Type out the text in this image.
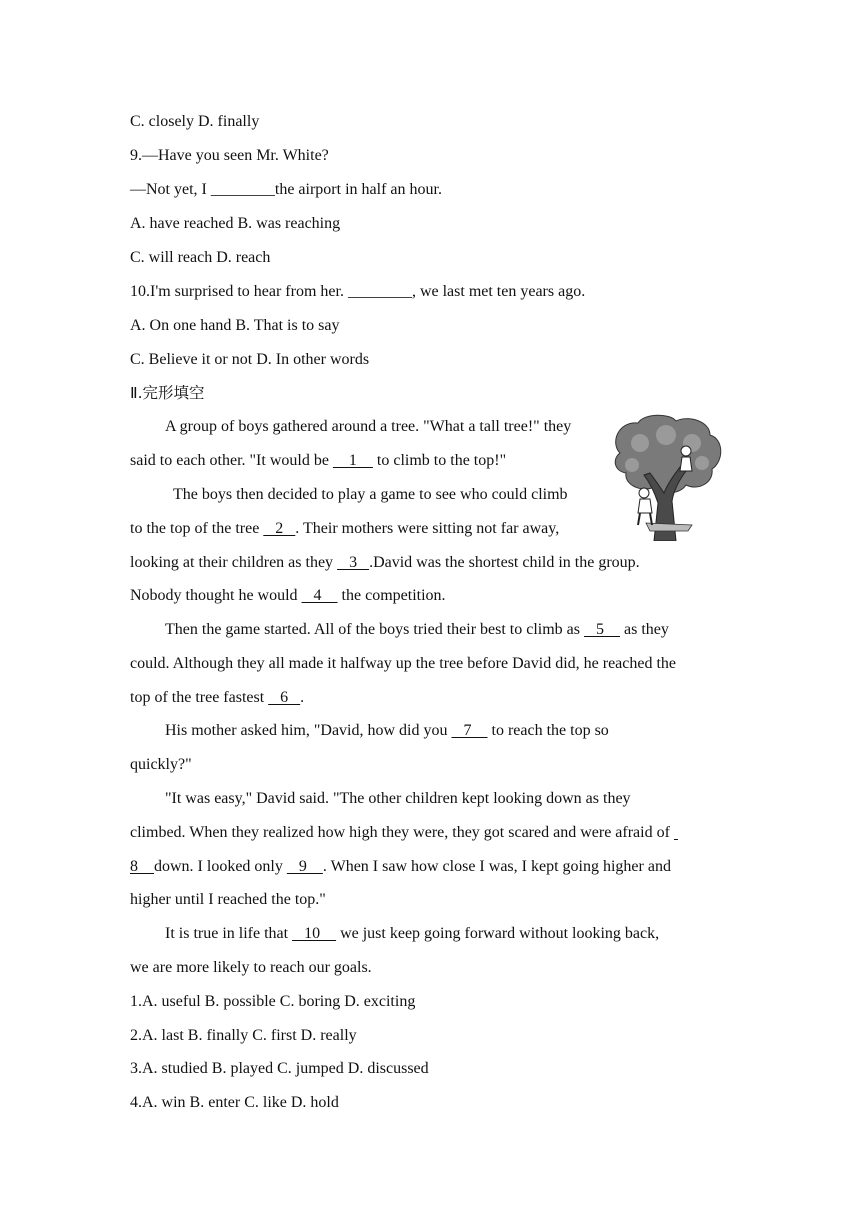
C. closely D. finally
9.—Have you seen Mr. White?
—Not yet, I ________the airport in half an hour.
A. have reached B. was reaching
C. will reach D. reach
10.I'm surprised to hear from her. ________, we last met ten years ago.
A. On one hand B. That is to say
C. Believe it or not D. In other words
Ⅱ.完形填空
A group of boys gathered around a tree. "What a tall tree!" they
said to each other. "It would be     1     to climb to the top!"
The boys then decided to play a game to see who could climb
to the top of the tree    2   . Their mothers were sitting not far away,
looking at their children as they    3   .David was the shortest child in the group.
Nobody thought he would    4     the competition.
Then the game started. All of the boys tried their best to climb as    5     as they
could. Although they all made it halfway up the tree before David did, he reached the
top of the tree fastest    6   .
His mother asked him, "David, how did you    7     to reach the top so
quickly?"
"It was easy," David said. "The other children kept looking down as they
climbed. When they realized how high they were, they got scared and were afraid of
8    down. I looked only    9    . When I saw how close I was, I kept going higher and
higher until I reached the top."
It is true in life that    10     we just keep going forward without looking back,
we are more likely to reach our goals.
1.A. useful B. possible C. boring D. exciting
2.A. last B. finally C. first D. really
3.A. studied B. played C. jumped D. discussed
4.A. win B. enter C. like D. hold
